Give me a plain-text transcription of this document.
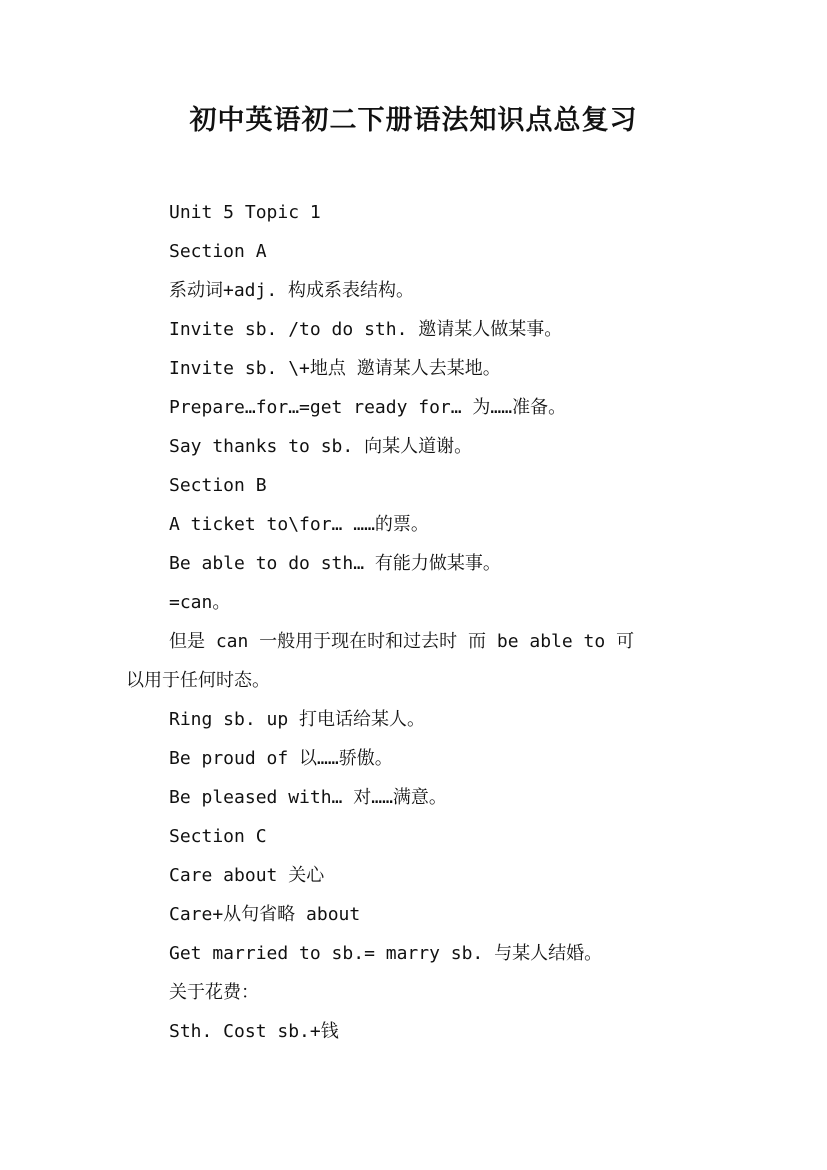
初中英语初二下册语法知识点总复习
Unit 5 Topic 1
Section A
系动词+adj. 构成系表结构。
Invite sb. /to do sth. 邀请某人做某事。
Invite sb. \+地点 邀请某人去某地。
Prepare…for…=get ready for… 为……准备。
Say thanks to sb. 向某人道谢。
Section B
A ticket to\for… ……的票。
Be able to do sth… 有能力做某事。
=can。
但是 can 一般用于现在时和过去时 而 be able to 可
以用于任何时态。
Ring sb. up 打电话给某人。
Be proud of 以……骄傲。
Be pleased with… 对……满意。
Section C
Care about 关心
Care+从句省略 about
Get married to sb.= marry sb. 与某人结婚。
关于花费：
Sth. Cost sb.+钱
